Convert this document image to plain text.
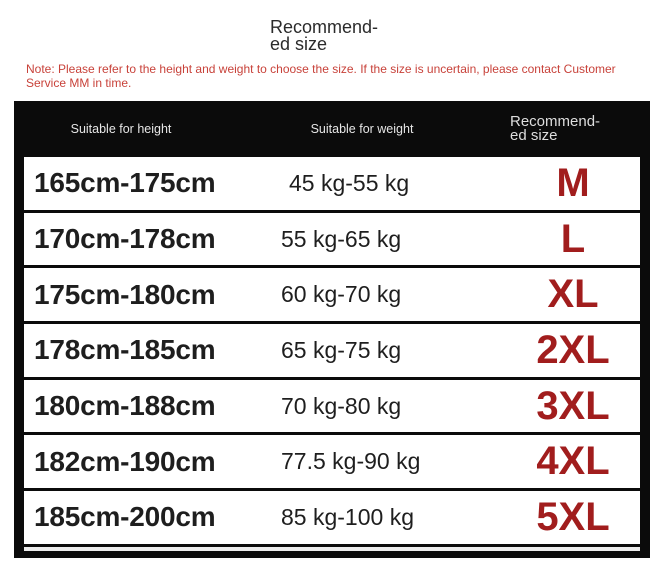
Recommend-
ed size
Note: Please refer to the height and weight to choose the size. If the size is uncertain, please contact Customer Service MM in time.
Suitable for height	Suitable for weight	Recommend-
ed size
165cm-175cm	45 kg-55 kg	M
170cm-178cm	55 kg-65 kg	L
175cm-180cm	60 kg-70 kg	XL
178cm-185cm	65 kg-75 kg	2XL
180cm-188cm	70 kg-80 kg	3XL
182cm-190cm	77.5 kg-90 kg	4XL
185cm-200cm	85 kg-100 kg	5XL
